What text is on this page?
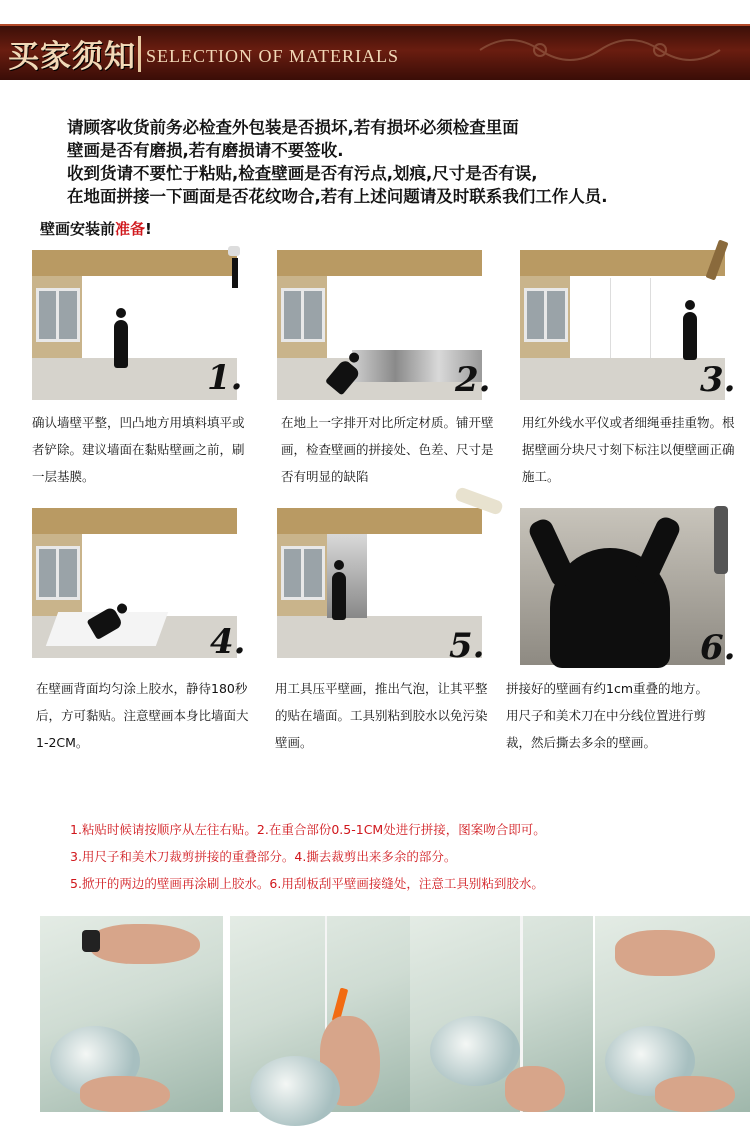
买家须知 SELECTION OF MATERIALS
请顾客收货前务必检查外包装是否损坏,若有损坏必须检查里面
壁画是否有磨损,若有磨损请不要签收.
收到货请不要忙于粘贴,检查壁画是否有污点,划痕,尺寸是否有误,
在地面拼接一下画面是否花纹吻合,若有上述问题请及时联系我们工作人员.
壁画安装前准备!
1.
确认墙壁平整，凹凸地方用填料填平或者铲除。建议墙面在黏贴壁画之前，刷一层基膜。
2.
在地上一字排开对比所定材质。铺开壁画，检查壁画的拼接处、色差、尺寸是否有明显的缺陷
3.
用红外线水平仪或者细绳垂挂重物。根据壁画分块尺寸刻下标注以便壁画正确施工。
4.
在壁画背面均匀涂上胶水，静待180秒后，方可黏贴。注意壁画本身比墙面大1-2CM。
5.
用工具压平壁画，推出气泡，让其平整的贴在墙面。工具别粘到胶水以免污染壁画。
6.
拼接好的壁画有约1cm重叠的地方。用尺子和美术刀在中分线位置进行剪裁，然后撕去多余的壁画。
1.粘贴时候请按顺序从左往右贴。2.在重合部份0.5-1CM处进行拼接，图案吻合即可。
3.用尺子和美术刀裁剪拼接的重叠部分。4.撕去裁剪出来多余的部分。
5.掀开的两边的壁画再涂刷上胶水。6.用刮板刮平壁画接缝处，注意工具别粘到胶水。
